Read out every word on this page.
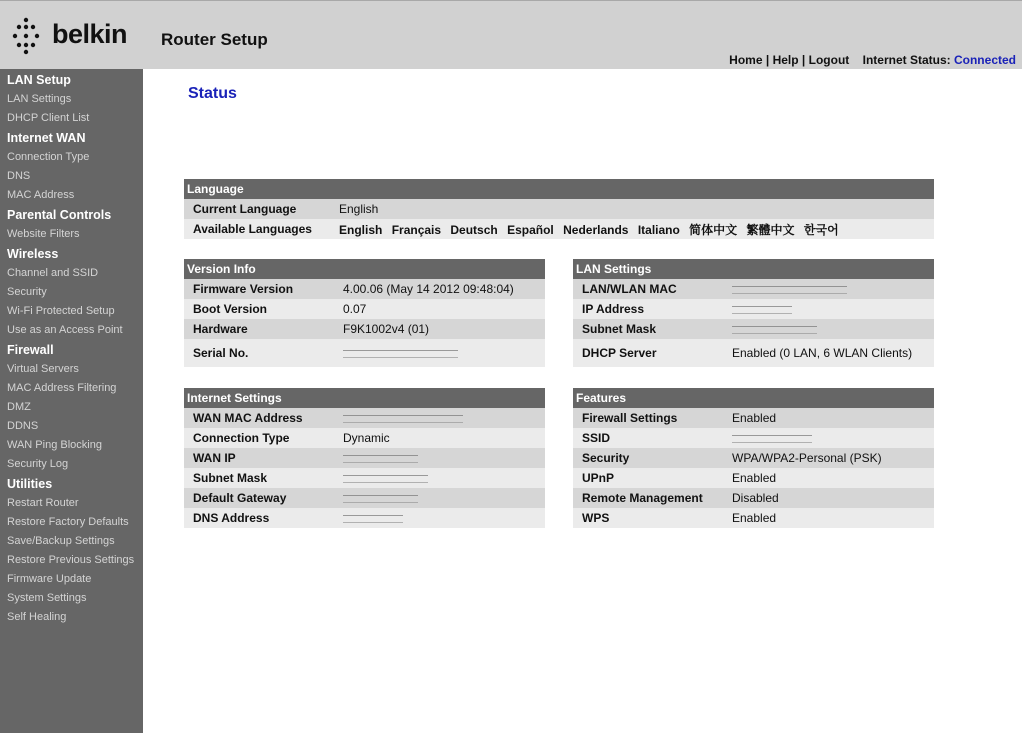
belkin Router Setup
Home | Help | Logout Internet Status: Connected
LAN Setup
LAN Settings
DHCP Client List
Internet WAN
Connection Type
DNS
MAC Address
Parental Controls
Website Filters
Wireless
Channel and SSID
Security
Wi-Fi Protected Setup
Use as an Access Point
Firewall
Virtual Servers
MAC Address Filtering
DMZ
DDNS
WAN Ping Blocking
Security Log
Utilities
Restart Router
Restore Factory Defaults
Save/Backup Settings
Restore Previous Settings
Firmware Update
System Settings
Self Healing
Status
Language	
Current Language	English
Available Languages	English Français Deutsch Español Nederlands Italiano 简体中文 繁體中文 한국어
Version Info	
Firmware Version	4.00.06 (May 14 2012 09:48:04)
Boot Version	0.07
Hardware	F9K1002v4 (01)
Serial No.	
LAN Settings	
LAN/WLAN MAC	
IP Address	
Subnet Mask	
DHCP Server	Enabled (0 LAN, 6 WLAN Clients)
Internet Settings	
WAN MAC Address	
Connection Type	Dynamic
WAN IP	
Subnet Mask	
Default Gateway	
DNS Address	
Features	
Firewall Settings	Enabled
SSID	
Security	WPA/WPA2-Personal (PSK)
UPnP	Enabled
Remote Management	Disabled
WPS	Enabled
